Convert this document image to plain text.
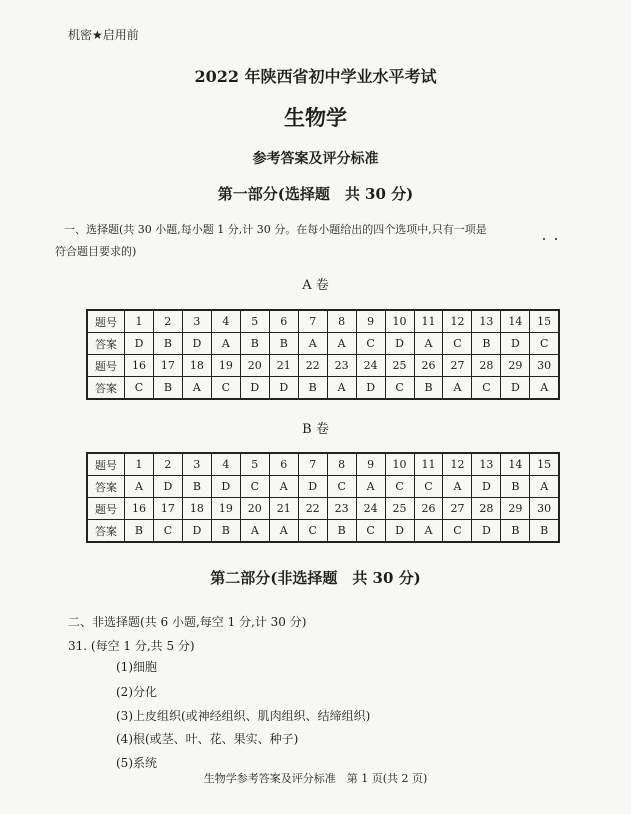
机密★启用前
2022 年陕西省初中学业水平考试
生物学
参考答案及评分标准
第一部分(选择题　共 30 分)
一、选择题(共 30 小题,每小题 1 分,计 30 分。在每小题给出的四个选项中,只有一项是
符合题目要求的)
A 卷
题号	1	2	3	4	5	6	7	8	9	10	11	12	13	14	15
答案	D	B	D	A	B	B	A	A	C	D	A	C	B	D	C
题号	16	17	18	19	20	21	22	23	24	25	26	27	28	29	30
答案	C	B	A	C	D	D	B	A	D	C	B	A	C	D	A
B 卷
题号	1	2	3	4	5	6	7	8	9	10	11	12	13	14	15
答案	A	D	B	D	C	A	D	C	A	C	C	A	D	B	A
题号	16	17	18	19	20	21	22	23	24	25	26	27	28	29	30
答案	B	C	D	B	A	A	C	B	C	D	A	C	D	B	B
第二部分(非选择题　共 30 分)
二、非选择题(共 6 小题,每空 1 分,计 30 分)
31. (每空 1 分,共 5 分)
(1)细胞
(2)分化
(3)上皮组织(或神经组织、肌肉组织、结缔组织)
(4)根(或茎、叶、花、果实、种子)
(5)系统
生物学参考答案及评分标准　第 1 页(共 2 页)
